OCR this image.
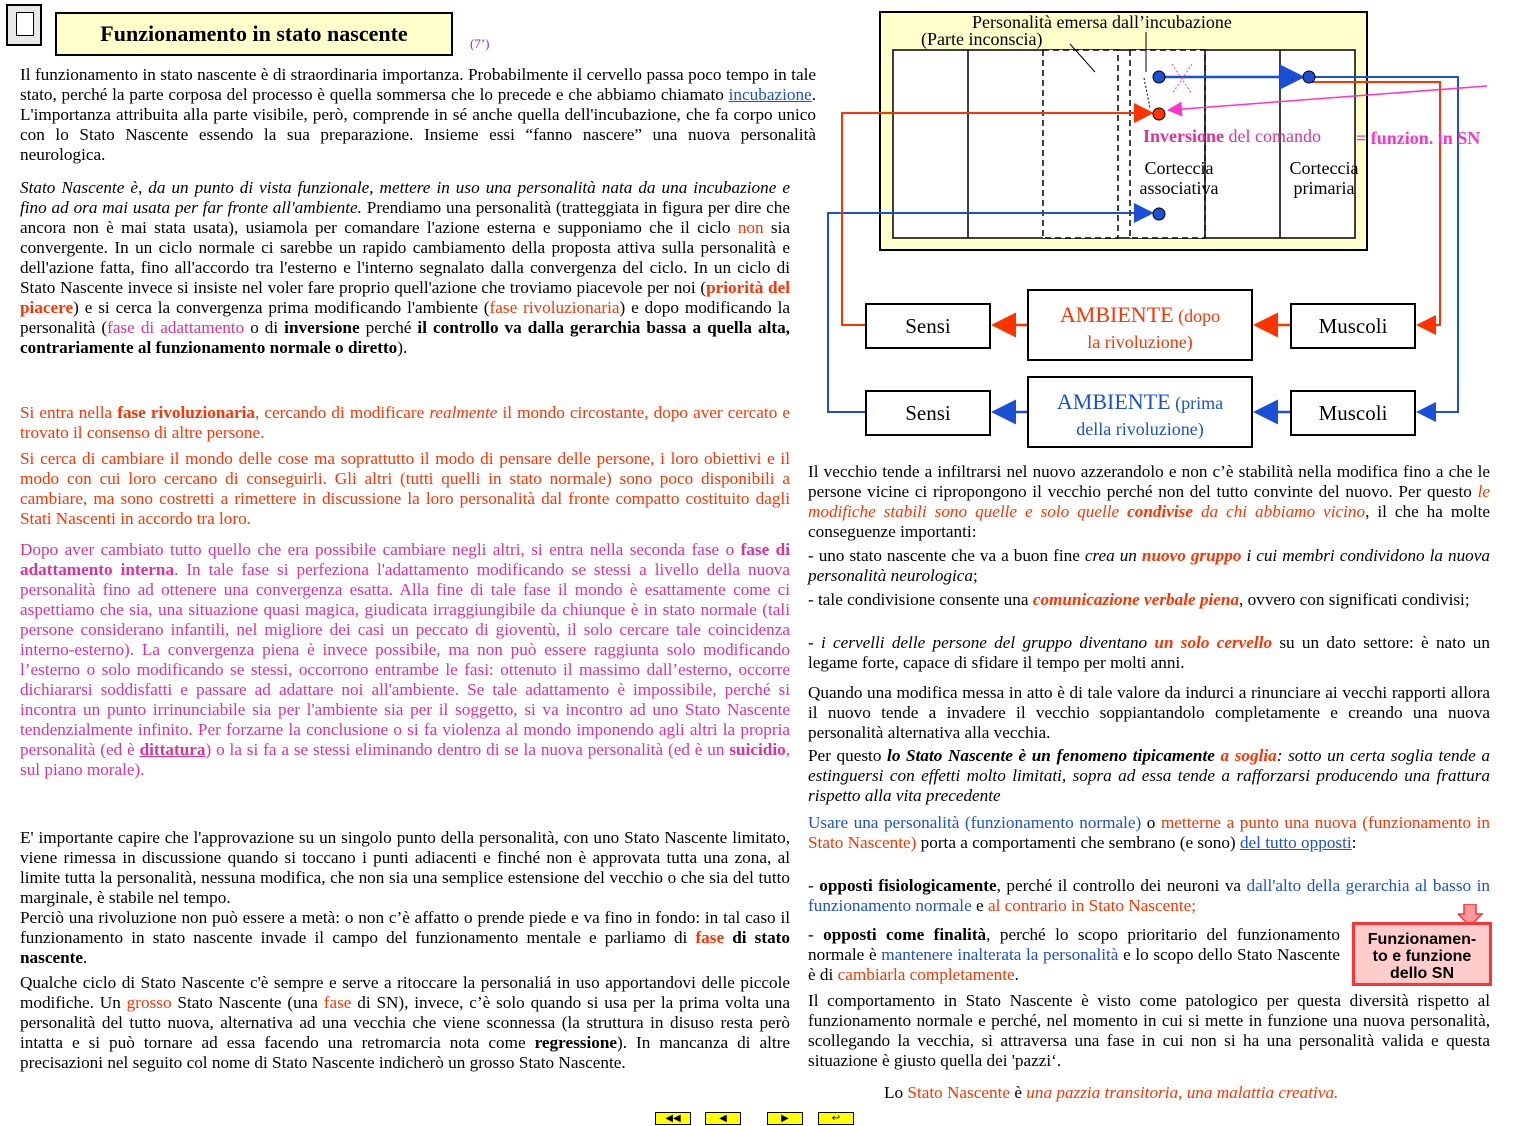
Funzionamento in stato nascente	(7’)
Il funzionamento in stato nascente è di straordinaria importanza. Probabilmente il cervello passa poco tempo in tale stato, perché la parte corposa del processo è quella sommersa che lo precede e che abbiamo chiamato incubazione. L'importanza attribuita alla parte visibile, però, comprende in sé anche quella dell'incubazione, che fa corpo unico con lo Stato Nascente essendo la sua preparazione. Insieme essi “fanno nascere” una nuova personalità neurologica.
Stato Nascente è, da un punto di vista funzionale, mettere in uso una personalità nata da una incubazione e fino ad ora mai usata per far fronte all'ambiente. Prendiamo una personalità (tratteggiata in figura per dire che ancora non è mai stata usata), usiamola per comandare l'azione esterna e supponiamo che il ciclo non sia convergente. In un ciclo normale ci sarebbe un rapido cambiamento della proposta attiva sulla personalità e dell'azione fatta, fino all'accordo tra l'esterno e l'interno segnalato dalla convergenza del ciclo. In un ciclo di Stato Nascente invece si insiste nel voler fare proprio quell'azione che troviamo piacevole per noi (priorità del piacere) e si cerca la convergenza prima modificando l'ambiente (fase rivoluzionaria) e dopo modificando la personalità (fase di adattamento o di inversione perché il controllo va dalla gerarchia bassa a quella alta, contrariamente al funzionamento normale o diretto).
Si entra nella fase rivoluzionaria, cercando di modificare realmente il mondo circostante, dopo aver cercato e trovato il consenso di altre persone.
Si cerca di cambiare il mondo delle cose ma soprattutto il modo di pensare delle persone, i loro obiettivi e il modo con cui loro cercano di conseguirli. Gli altri (tutti quelli in stato normale) sono poco disponibili a cambiare, ma sono costretti a rimettere in discussione la loro personalità dal fronte compatto costituito dagli Stati Nascenti in accordo tra loro.
Dopo aver cambiato tutto quello che era possibile cambiare negli altri, si entra nella seconda fase o fase di adattamento interna. In tale fase si perfeziona l'adattamento modificando se stessi a livello della nuova personalità fino ad ottenere una convergenza esatta. Alla fine di tale fase il mondo è esattamente come ci aspettiamo che sia, una situazione quasi magica, giudicata irraggiungibile da chiunque è in stato normale (tali persone considerano infantili, nel migliore dei casi un peccato di gioventù, il solo cercare tale coincidenza interno-esterno). La convergenza piena è invece possibile, ma non può essere raggiunta solo modificando l’esterno o solo modificando se stessi, occorrono entrambe le fasi: ottenuto il massimo dall’esterno, occorre dichiararsi soddisfatti e passare ad adattare noi all'ambiente. Se tale adattamento è impossibile, perché si incontra un punto irrinunciabile sia per l'ambiente sia per il soggetto, si va incontro ad uno Stato Nascente tendenzialmente infinito. Per forzarne la conclusione o si fa violenza al mondo imponendo agli altri la propria personalità (ed è dittatura) o la si fa a se stessi eliminando dentro di se la nuova personalità (ed è un suicidio, sul piano morale).
E' importante capire che l'approvazione su un singolo punto della personalità, con uno Stato Nascente limitato, viene rimessa in discussione quando si toccano i punti adiacenti e finché non è approvata tutta una zona, al limite tutta la personalità, nessuna modifica, che non sia una semplice estensione del vecchio o che sia del tutto marginale, è stabile nel tempo.
Perciò una rivoluzione non può essere a metà: o non c’è affatto o prende piede e va fino in fondo: in tal caso il funzionamento in stato nascente invade il campo del funzionamento mentale e parliamo di fase di stato nascente.
Qualche ciclo di Stato Nascente c'è sempre e serve a ritoccare la personaliá in uso apportandovi delle piccole modifiche. Un grosso Stato Nascente (una fase di SN), invece, c’è solo quando si usa per la prima volta una personalità del tutto nuova, alternativa ad una vecchia che viene sconnessa (la struttura in disuso resta però intatta e si può tornare ad essa facendo una retromarcia nota come regressione). In mancanza di altre precisazioni nel seguito col nome di Stato Nascente indicherò un grosso Stato Nascente.
Personalità emersa dall’incubazione
(Parte inconscia)
Inversione del comando = funzion. in SN
Corteccia
associativa
Corteccia
primaria
Sensi	AMBIENTE (dopo
la rivoluzione)
Muscoli
Sensi	AMBIENTE (prima
della rivoluzione)
Muscoli
Il vecchio tende a infiltrarsi nel nuovo azzerandolo e non c’è stabilità nella modifica fino a che le persone vicine ci ripropongono il vecchio perché non del tutto convinte del nuovo. Per questo le modifiche stabili sono quelle e solo quelle condivise da chi abbiamo vicino, il che ha molte conseguenze importanti:
- uno stato nascente che va a buon fine crea un nuovo gruppo i cui membri condividono la nuova personalità neurologica;
- tale condivisione consente una comunicazione verbale piena, ovvero con significati condivisi;
- i cervelli delle persone del gruppo diventano un solo cervello su un dato settore: è nato un legame forte, capace di sfidare il tempo per molti anni.
Quando una modifica messa in atto è di tale valore da indurci a rinunciare ai vecchi rapporti allora il nuovo tende a invadere il vecchio soppiantandolo completamente e creando una nuova personalità alternativa alla vecchia.
Per questo lo Stato Nascente è un fenomeno tipicamente a soglia: sotto un certa soglia tende a estinguersi con effetti molto limitati, sopra ad essa tende a rafforzarsi producendo una frattura rispetto alla vita precedente
Usare una personalità (funzionamento normale) o metterne a punto una nuova (funzionamento in Stato Nascente) porta a comportamenti che sembrano (e sono) del tutto opposti:
- opposti fisiologicamente, perché il controllo dei neuroni va dall'alto della gerarchia al basso in funzionamento normale e al contrario in Stato Nascente;
- opposti come finalità, perché lo scopo prioritario del funzionamento normale è mantenere inalterata la personalità e lo scopo dello Stato Nascente è di cambiarla completamente.
Funzionamen-
to e funzione
dello SN
Il comportamento in Stato Nascente è visto come patologico per questa diversità rispetto al funzionamento normale e perché, nel momento in cui si mette in funzione una nuova personalità, scollegando la vecchia, si attraversa una fase in cui non si ha una personalità valida e questa situazione è giusto quella dei 'pazzi‘.
Lo Stato Nascente è una pazzia transitoria, una malattia creativa.
◀◀	◀	▶	↩
